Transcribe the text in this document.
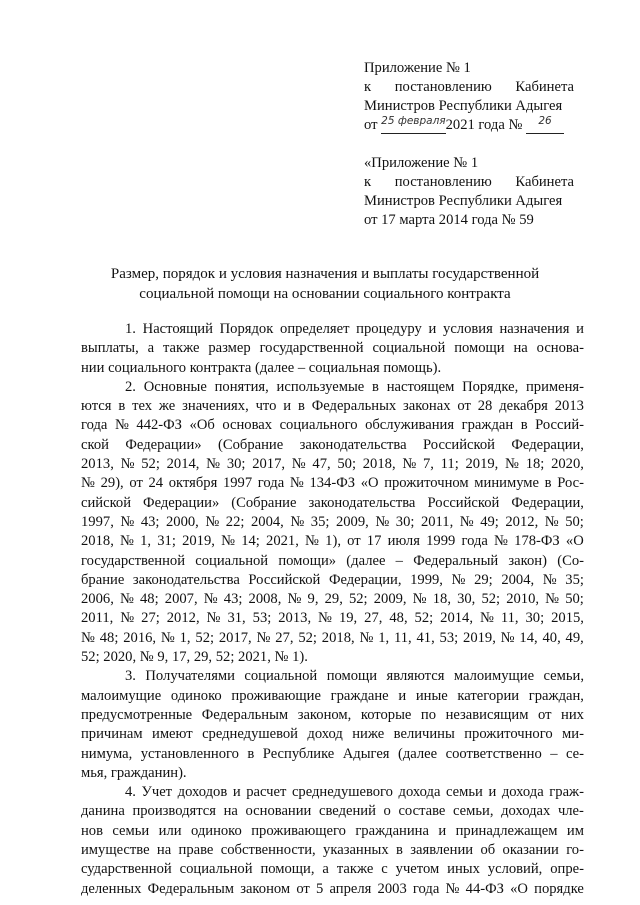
Приложение № 1
к постановлению Кабинета
Министров Республики Адыгея
от $^{25 февраля}$2021 года № $^{26}$
«Приложение № 1
к постановлению Кабинета
Министров Республики Адыгея
от 17 марта 2014 года № 59
Размер, порядок и условия назначения и выплаты государственной
социальной помощи на основании социального контракта
1. Настоящий Порядок определяет процедуру и условия назначения и
выплаты, а также размер государственной социальной помощи на основа-
нии социального контракта (далее – социальная помощь).
2. Основные понятия, используемые в настоящем Порядке, применя-
ются в тех же значениях, что и в Федеральных законах от 28 декабря 2013
года № 442-ФЗ «Об основах социального обслуживания граждан в Россий-
ской Федерации» (Собрание законодательства Российской Федерации,
2013, № 52; 2014, № 30; 2017, № 47, 50; 2018, № 7, 11; 2019, № 18; 2020,
№ 29), от 24 октября 1997 года № 134-ФЗ «О прожиточном минимуме в Рос-
сийской Федерации» (Собрание законодательства Российской Федерации,
1997, № 43; 2000, № 22; 2004, № 35; 2009, № 30; 2011, № 49; 2012, № 50;
2018, № 1, 31; 2019, № 14; 2021, № 1), от 17 июля 1999 года № 178-ФЗ «О
государственной социальной помощи» (далее – Федеральный закон) (Со-
брание законодательства Российской Федерации, 1999, № 29; 2004, № 35;
2006, № 48; 2007, № 43; 2008, № 9, 29, 52; 2009, № 18, 30, 52; 2010, № 50;
2011, № 27; 2012, № 31, 53; 2013, № 19, 27, 48, 52; 2014, № 11, 30; 2015,
№ 48; 2016, № 1, 52; 2017, № 27, 52; 2018, № 1, 11, 41, 53; 2019, № 14, 40, 49,
52; 2020, № 9, 17, 29, 52; 2021, № 1).
3. Получателями социальной помощи являются малоимущие семьи,
малоимущие одиноко проживающие граждане и иные категории граждан,
предусмотренные Федеральным законом, которые по независящим от них
причинам имеют среднедушевой доход ниже величины прожиточного ми-
нимума, установленного в Республике Адыгея (далее соответственно – се-
мья, гражданин).
4. Учет доходов и расчет среднедушевого дохода семьи и дохода граж-
данина производятся на основании сведений о составе семьи, доходах чле-
нов семьи или одиноко проживающего гражданина и принадлежащем им
имуществе на праве собственности, указанных в заявлении об оказании го-
сударственной социальной помощи, а также с учетом иных условий, опре-
деленных Федеральным законом от 5 апреля 2003 года № 44-ФЗ «О порядке
